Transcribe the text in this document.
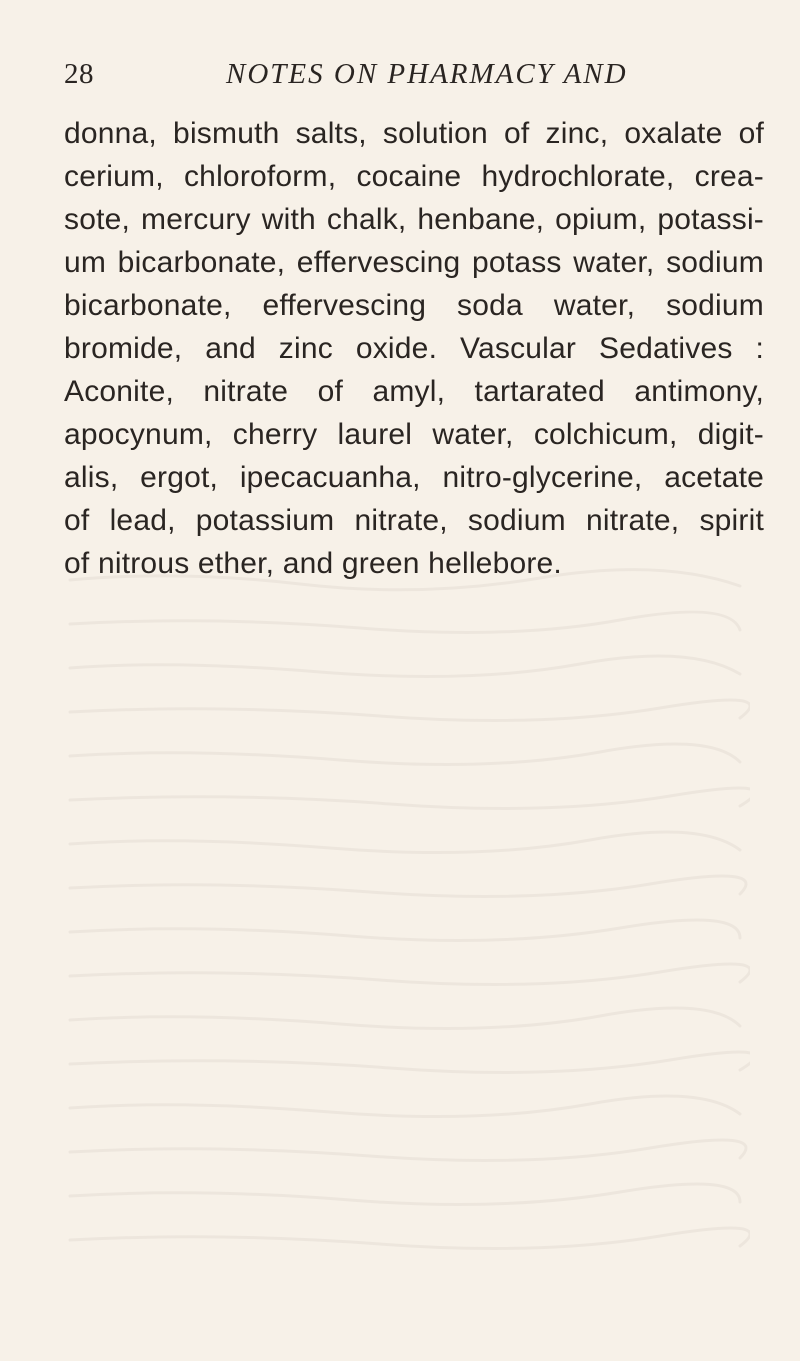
28	NOTES ON PHARMACY AND
donna, bismuth salts, solution of zinc, oxalate of
cerium, chloroform, cocaine hydrochlorate, crea-
sote, mercury with chalk, henbane, opium, potassi-
um bicarbonate, effervescing potass water, sodium
bicarbonate, effervescing soda water, sodium
bromide, and zinc oxide. Vascular Sedatives :
Aconite, nitrate of amyl, tartarated antimony,
apocynum, cherry laurel water, colchicum, digit-
alis, ergot, ipecacuanha, nitro-glycerine, acetate
of lead, potassium nitrate, sodium nitrate, spirit
of nitrous ether, and green hellebore.
